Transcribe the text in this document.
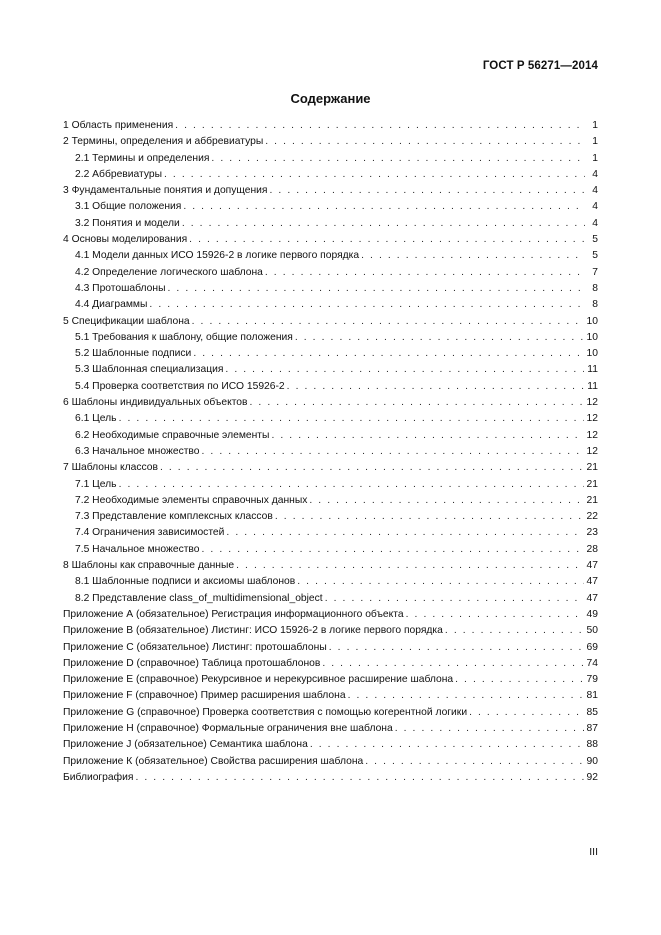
ГОСТ Р 56271—2014
Содержание
1 Область применения . . .	1
2 Термины, определения и аббревиатуры . . .	1
2.1 Термины и определения . . .	1
2.2 Аббревиатуры . . .	4
3 Фундаментальные понятия и допущения . . .	4
3.1 Общие положения . . .	4
3.2 Понятия и модели . . .	4
4 Основы моделирования . . .	5
4.1 Модели данных ИСО 15926-2 в логике первого порядка . . .	5
4.2 Определение логического шаблона . . .	7
4.3 Протошаблоны . . .	8
4.4 Диаграммы . . .	8
5 Спецификации шаблона . . .	10
5.1 Требования к шаблону, общие положения . . .	10
5.2 Шаблонные подписи . . .	10
5.3 Шаблонная специализация . . .	11
5.4 Проверка соответствия по ИСО 15926-2 . . .	11
6 Шаблоны индивидуальных объектов . . .	12
6.1 Цель . . .	12
6.2 Необходимые справочные элементы . . .	12
6.3 Начальное множество . . .	12
7 Шаблоны классов . . .	21
7.1 Цель . . .	21
7.2 Необходимые элементы справочных данных . . .	21
7.3 Представление комплексных классов . . .	22
7.4 Ограничения зависимостей . . .	23
7.5 Начальное множество . . .	28
8 Шаблоны как справочные данные . . .	47
8.1 Шаблонные подписи и аксиомы шаблонов . . .	47
8.2 Представление class_of_multidimensional_object . . .	47
Приложение А (обязательное) Регистрация информационного объекта . . .	49
Приложение В (обязательное) Листинг: ИСО 15926-2 в логике первого порядка . . .	50
Приложение С (обязательное) Листинг: протошаблоны . . .	69
Приложение D (справочное) Таблица протошаблонов . . .	74
Приложение Е (справочное) Рекурсивное и нерекурсивное расширение шаблона . . .	79
Приложение F (справочное) Пример расширения шаблона . . .	81
Приложение G (справочное) Проверка соответствия с помощью когерентной логики . . .	85
Приложение Н (справочное) Формальные ограничения вне шаблона . . .	87
Приложение J (обязательное) Семантика шаблона . . .	88
Приложение К (обязательное) Свойства расширения шаблона . . .	90
Библиография . . .	92
III
